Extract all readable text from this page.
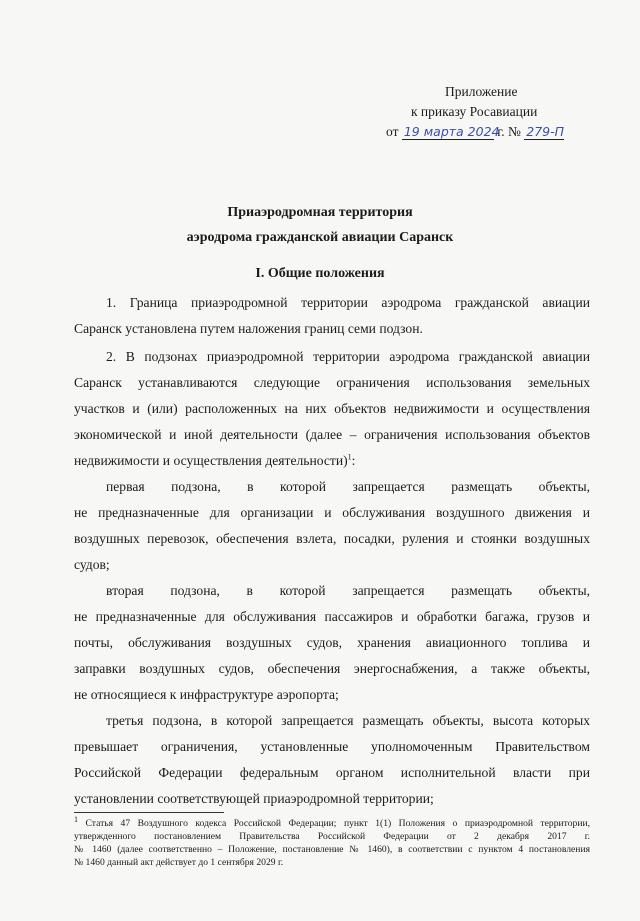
Приложение
к приказу Росавиации
от 19 марта 2024 г. № 279-П
Приаэродромная территория
аэродрома гражданской авиации Саранск
I. Общие положения
1. Граница приаэродромной территории аэродрома гражданской авиации
Саранск установлена путем наложения границ семи подзон.
2. В подзонах приаэродромной территории аэродрома гражданской авиации
Саранск устанавливаются следующие ограничения использования земельных
участков и (или) расположенных на них объектов недвижимости и осуществления
экономической и иной деятельности (далее – ограничения использования объектов
недвижимости и осуществления деятельности)$^1$:
первая подзона, в которой запрещается размещать объекты,
не предназначенные для организации и обслуживания воздушного движения и
воздушных перевозок, обеспечения взлета, посадки, руления и стоянки воздушных
судов;
вторая подзона, в которой запрещается размещать объекты,
не предназначенные для обслуживания пассажиров и обработки багажа, грузов и
почты, обслуживания воздушных судов, хранения авиационного топлива и
заправки воздушных судов, обеспечения энергоснабжения, а также объекты,
не относящиеся к инфраструктуре аэропорта;
третья подзона, в которой запрещается размещать объекты, высота которых
превышает ограничения, установленные уполномоченным Правительством
Российской Федерации федеральным органом исполнительной власти при
установлении соответствующей приаэродромной территории;
$^1$ Статья 47 Воздушного кодекса Российской Федерации; пункт 1(1) Положения о приаэродромной территории,
утвержденного постановлением Правительства Российской Федерации от 2 декабря 2017 г.
№ 1460 (далее соответственно – Положение, постановление № 1460), в соответствии с пунктом 4 постановления
№ 1460 данный акт действует до 1 сентября 2029 г.
